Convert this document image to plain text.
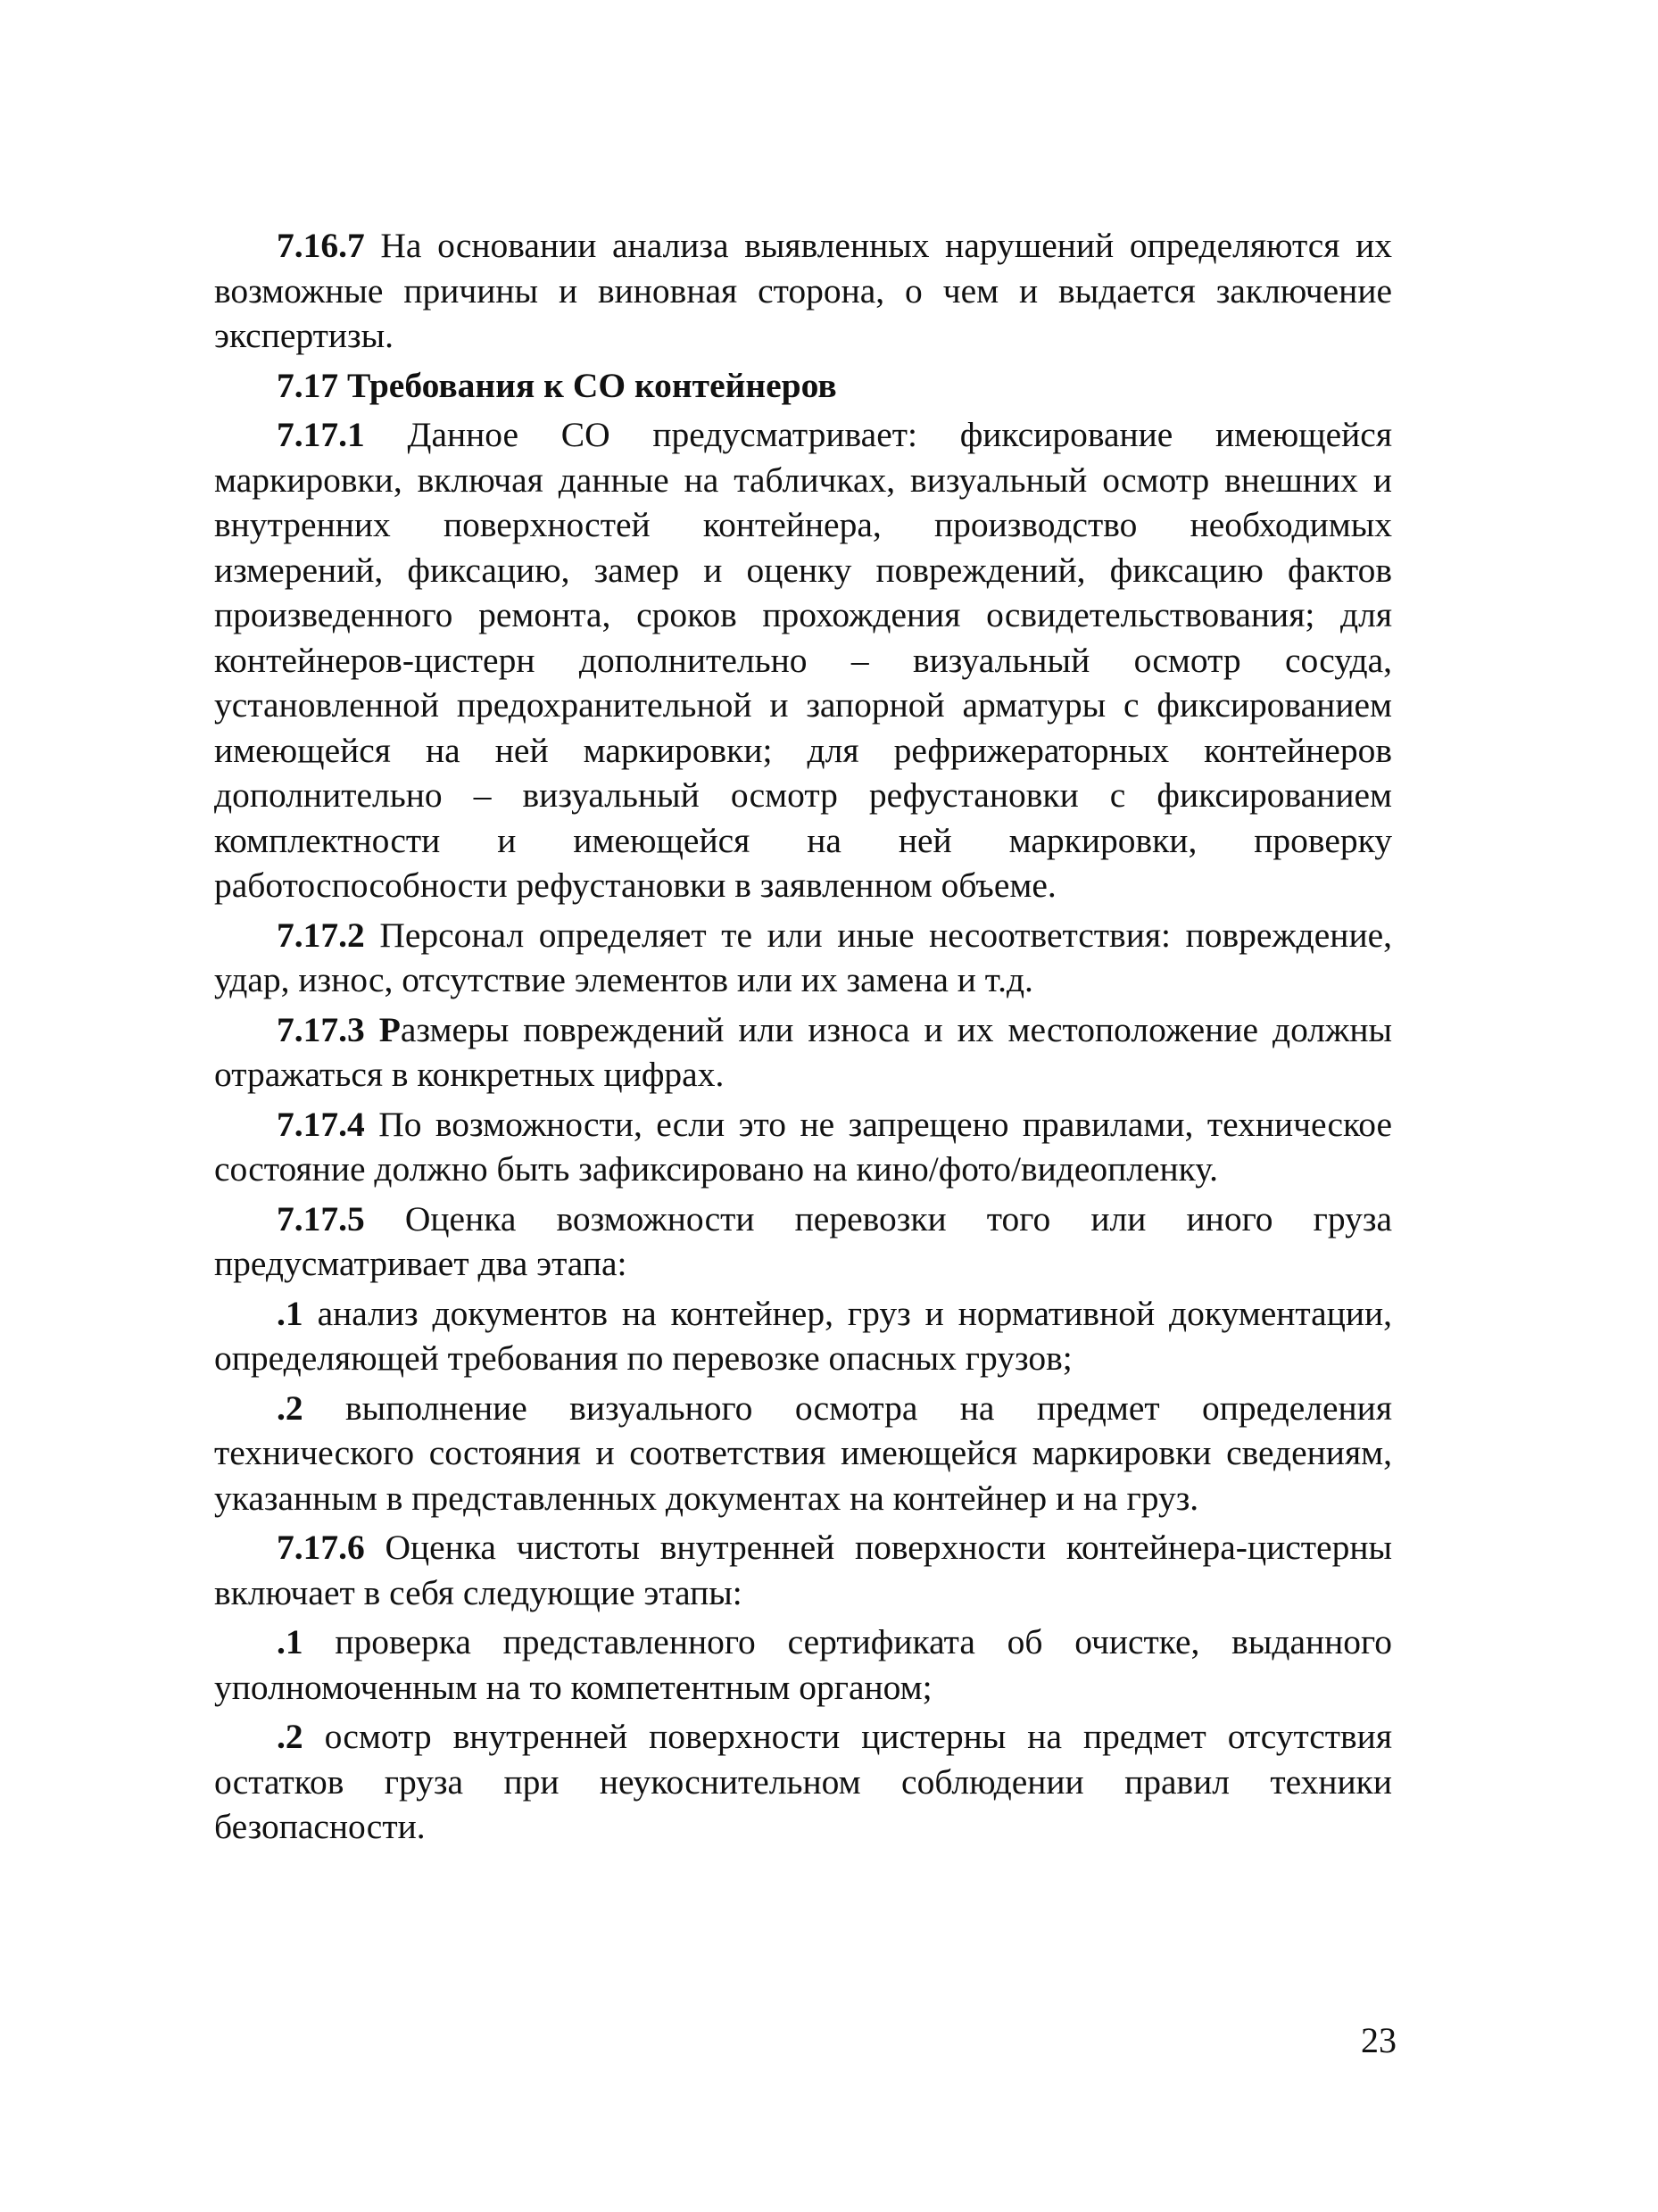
7.16.7 На основании анализа выявленных нарушений определяются их возможные причины и виновная сторона, о чем и выдается заключение экспертизы.

7.17 Требования к СО контейнеров

7.17.1 Данное СО предусматривает: фиксирование имеющейся маркировки, включая данные на табличках, визуальный осмотр внешних и внутренних поверхностей контейнера, производство необходимых измерений, фиксацию, замер и оценку повреждений, фиксацию фактов произведенного ремонта, сроков прохождения освидетельствования; для контейнеров-цистерн дополнительно – визуальный осмотр сосуда, установленной предохранительной и запорной арматуры с фиксированием имеющейся на ней маркировки; для рефрижераторных контейнеров дополнительно – визуальный осмотр рефустановки с фиксированием комплектности и имеющейся на ней маркировки, проверку работоспособности рефустановки в заявленном объеме.

7.17.2 Персонал определяет те или иные несоответствия: повреждение, удар, износ, отсутствие элементов или их замена и т.д.

7.17.3 Размеры повреждений или износа и их местоположение должны отражаться в конкретных цифрах.

7.17.4 По возможности, если это не запрещено правилами, техническое состояние должно быть зафиксировано на кино/фото/видеопленку.

7.17.5 Оценка возможности перевозки того или иного груза предусматривает два этапа:

.1 анализ документов на контейнер, груз и нормативной документации, определяющей требования по перевозке опасных грузов;

.2 выполнение визуального осмотра на предмет определения технического состояния и соответствия имеющейся маркировки сведениям, указанным в представленных документах на контейнер и на груз.

7.17.6 Оценка чистоты внутренней поверхности контейнера-цистерны включает в себя следующие этапы:

.1 проверка представленного сертификата об очистке, выданного уполномоченным на то компетентным органом;

.2 осмотр внутренней поверхности цистерны на предмет отсутствия остатков груза при неукоснительном соблюдении правил техники безопасности.

23
